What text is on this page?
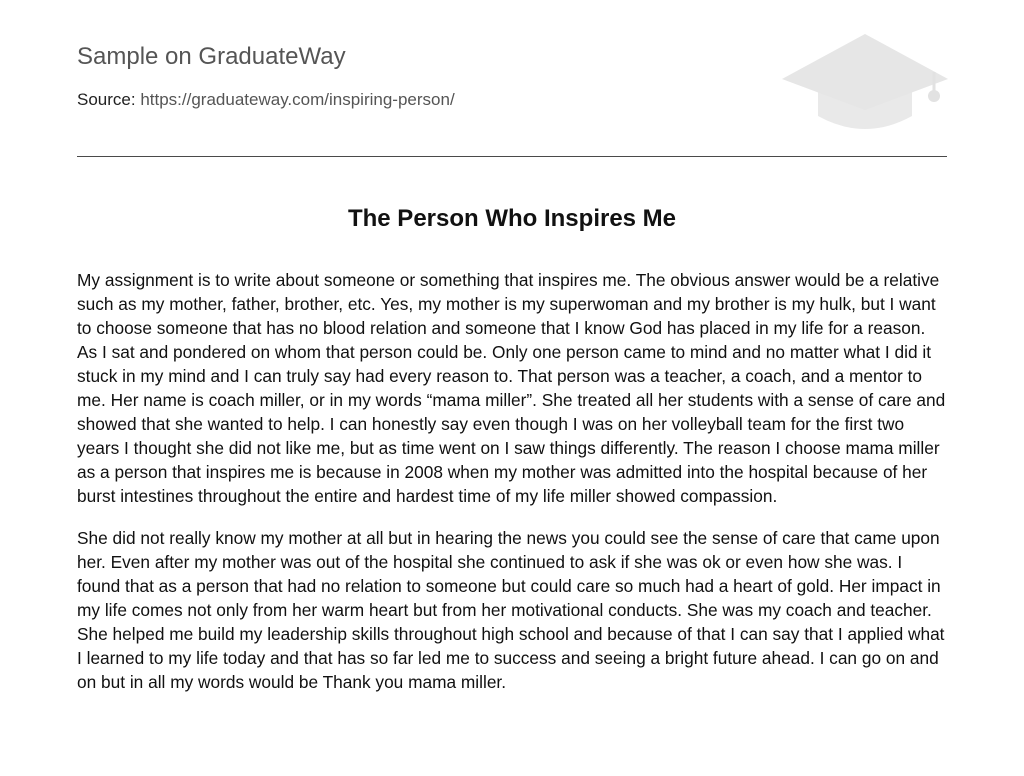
Sample on GraduateWay
Source: https://graduateway.com/inspiring-person/
The Person Who Inspires Me

My assignment is to write about someone or something that inspires me. The obvious answer would be a relative such as my mother, father, brother, etc. Yes, my mother is my superwoman and my brother is my hulk, but I want to choose someone that has no blood relation and someone that I know God has placed in my life for a reason. As I sat and pondered on whom that person could be. Only one person came to mind and no matter what I did it stuck in my mind and I can truly say had every reason to. That person was a teacher, a coach, and a mentor to me. Her name is coach miller, or in my words “mama miller”. She treated all her students with a sense of care and showed that she wanted to help. I can honestly say even though I was on her volleyball team for the first two years I thought she did not like me, but as time went on I saw things differently. The reason I choose mama miller as a person that inspires me is because in 2008 when my mother was admitted into the hospital because of her burst intestines throughout the entire and hardest time of my life miller showed compassion.

She did not really know my mother at all but in hearing the news you could see the sense of care that came upon her. Even after my mother was out of the hospital she continued to ask if she was ok or even how she was. I found that as a person that had no relation to someone but could care so much had a heart of gold. Her impact in my life comes not only from her warm heart but from her motivational conducts. She was my coach and teacher. She helped me build my leadership skills throughout high school and because of that I can say that I applied what I learned to my life today and that has so far led me to success and seeing a bright future ahead. I can go on and on but in all my words would be Thank you mama miller.
